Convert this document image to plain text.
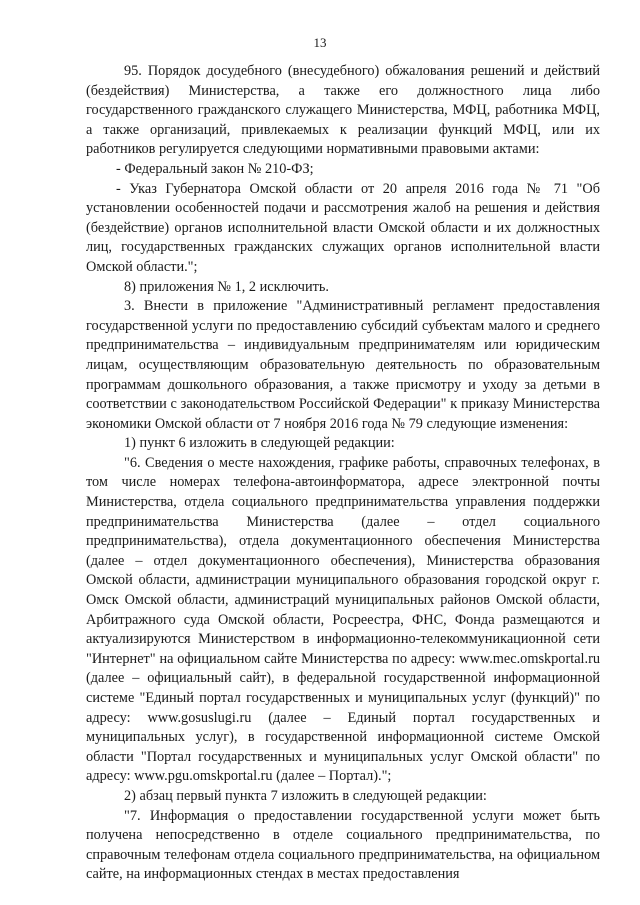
13

95. Порядок досудебного (внесудебного) обжалования решений и действий (бездействия) Министерства, а также его должностного лица либо государственного гражданского служащего Министерства, МФЦ, работника МФЦ, а также организаций, привлекаемых к реализации функций МФЦ, или их работников регулируется следующими нормативными правовыми актами:

- Федеральный закон № 210-ФЗ;

- Указ Губернатора Омской области от 20 апреля 2016 года № 71 "Об установлении особенностей подачи и рассмотрения жалоб на решения и действия (бездействие) органов исполнительной власти Омской области и их должностных лиц, государственных гражданских служащих органов исполнительной власти Омской области.";

8) приложения № 1, 2 исключить.

3. Внести в приложение "Административный регламент предоставления государственной услуги по предоставлению субсидий субъектам малого и среднего предпринимательства – индивидуальным предпринимателям или юридическим лицам, осуществляющим образовательную деятельность по образовательным программам дошкольного образования, а также присмотру и уходу за детьми в соответствии с законодательством Российской Федерации" к приказу Министерства экономики Омской области от 7 ноября 2016 года № 79 следующие изменения:

1) пункт 6 изложить в следующей редакции:

"6. Сведения о месте нахождения, графике работы, справочных телефонах, в том числе номерах телефона-автоинформатора, адресе электронной почты Министерства, отдела социального предпринимательства управления поддержки предпринимательства Министерства (далее – отдел социального предпринимательства), отдела документационного обеспечения Министерства (далее – отдел документационного обеспечения), Министерства образования Омской области, администрации муниципального образования городской округ г. Омск Омской области, администраций муниципальных районов Омской области, Арбитражного суда Омской области, Росреестра, ФНС, Фонда размещаются и актуализируются Министерством в информационно-телекоммуникационной сети "Интернет" на официальном сайте Министерства по адресу: www.mec.omskportal.ru (далее – официальный сайт), в федеральной государственной информационной системе "Единый портал государственных и муниципальных услуг (функций)" по адресу: www.gosuslugi.ru (далее – Единый портал государственных и муниципальных услуг), в государственной информационной системе Омской области "Портал государственных и муниципальных услуг Омской области" по адресу: www.pgu.omskportal.ru (далее – Портал).";

2) абзац первый пункта 7 изложить в следующей редакции:

"7. Информация о предоставлении государственной услуги может быть получена непосредственно в отделе социального предпринимательства, по справочным телефонам отдела социального предпринимательства, на официальном сайте, на информационных стендах в местах предоставления
